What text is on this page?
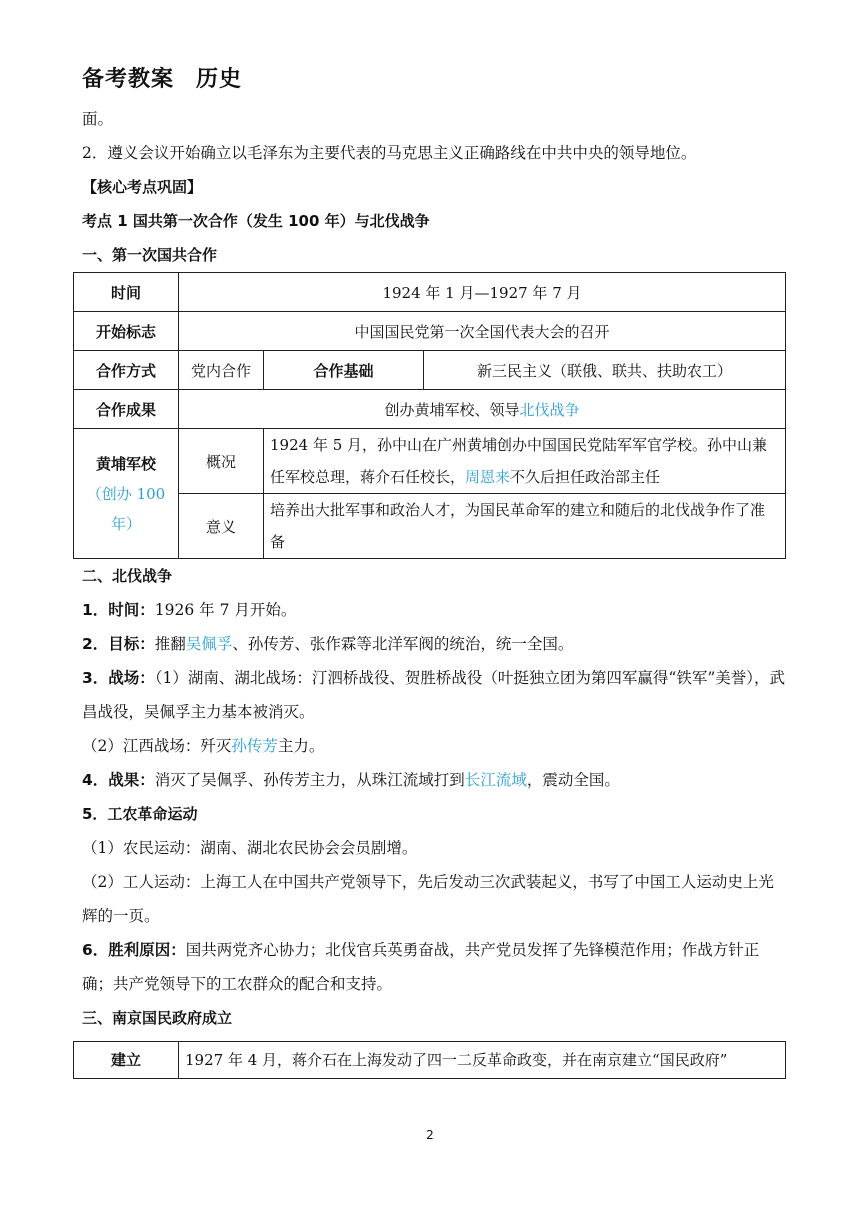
备考教案 历史

面。

2．遵义会议开始确立以毛泽东为主要代表的马克思主义正确路线在中共中央的领导地位。

【核心考点巩固】

考点 1 国共第一次合作（发生 100 年）与北伐战争

一、第一次国共合作

时间	1924 年 1 月—1927 年 7 月		
开始标志	中国国民党第一次全国代表大会的召开		
合作方式	党内合作	合作基础	新三民主义（联俄、联共、扶助农工）
合作成果	创办黄埔军校、领导北伐战争		

黄埔军校
（创办 100 年）	概况	1924 年 5 月，孙中山在广州黄埔创办中国国民党陆军军官学校。孙中山兼任军校总理，蒋介石任校长，周恩来不久后担任政治部主任	
	意义	培养出大批军事和政治人才，为国民革命军的建立和随后的北伐战争作了准备	

二、北伐战争

1．时间：1926 年 7 月开始。

2．目标：推翻吴佩孚、孙传芳、张作霖等北洋军阀的统治，统一全国。

3．战场：（1）湖南、湖北战场：汀泗桥战役、贺胜桥战役（叶挺独立团为第四军赢得“铁军”美誉），武昌战役，吴佩孚主力基本被消灭。

（2）江西战场：歼灭孙传芳主力。

4．战果：消灭了吴佩孚、孙传芳主力，从珠江流域打到长江流域，震动全国。

5．工农革命运动

（1）农民运动：湖南、湖北农民协会会员剧增。

（2）工人运动：上海工人在中国共产党领导下，先后发动三次武装起义，书写了中国工人运动史上光辉的一页。

6．胜利原因：国共两党齐心协力；北伐官兵英勇奋战，共产党员发挥了先锋模范作用；作战方针正确；共产党领导下的工农群众的配合和支持。

三、南京国民政府成立

建立	1927 年 4 月，蒋介石在上海发动了四一二反革命政变，并在南京建立“国民政府”
2
